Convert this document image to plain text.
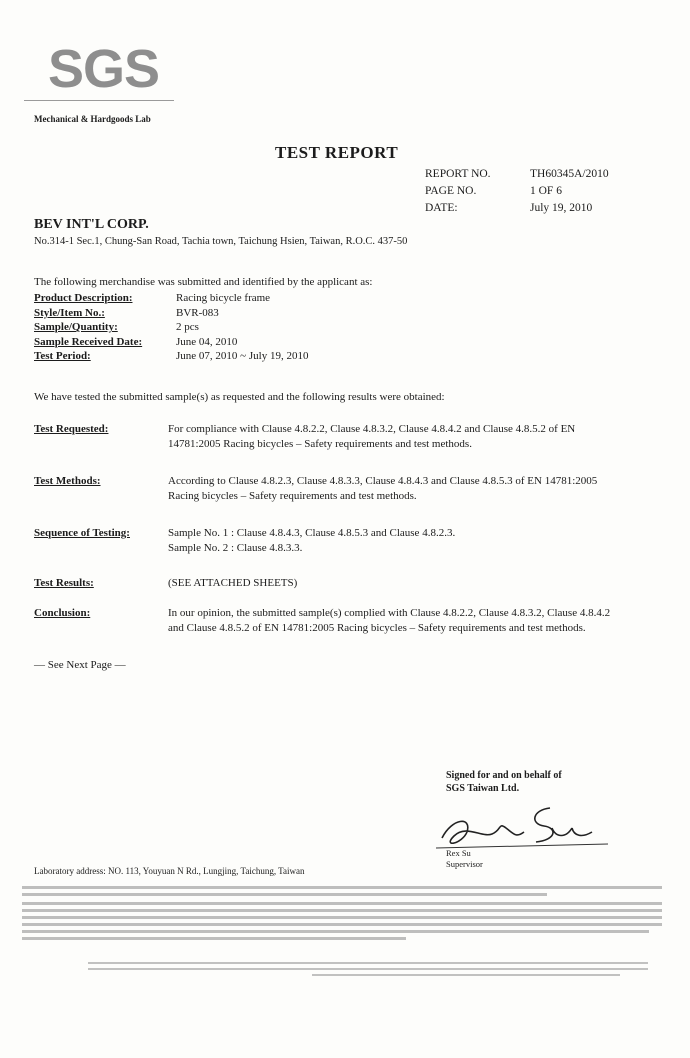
SGS
Mechanical & Hardgoods Lab
TEST REPORT
REPORT NO.	TH60345A/2010
PAGE NO.	1 OF 6
DATE:	July 19, 2010
BEV INT'L CORP.
No.314-1 Sec.1, Chung-San Road, Tachia town, Taichung Hsien, Taiwan, R.O.C. 437-50
The following merchandise was submitted and identified by the applicant as:
Product Description:	Racing bicycle frame
Style/Item No.:	BVR-083
Sample/Quantity:	2 pcs
Sample Received Date:	June 04, 2010
Test Period:	June 07, 2010 ~ July 19, 2010
We have tested the submitted sample(s) as requested and the following results were obtained:
Test Requested:	For compliance with Clause 4.8.2.2, Clause 4.8.3.2, Clause 4.8.4.2 and Clause 4.8.5.2 of EN 14781:2005 Racing bicycles – Safety requirements and test methods.
Test Methods:	According to Clause 4.8.2.3, Clause 4.8.3.3, Clause 4.8.4.3 and Clause 4.8.5.3 of EN 14781:2005 Racing bicycles – Safety requirements and test methods.
Sequence of Testing:	Sample No. 1 : Clause 4.8.4.3, Clause 4.8.5.3 and Clause 4.8.2.3.
Sample No. 2 : Clause 4.8.3.3.
Test Results:	(SEE ATTACHED SHEETS)
Conclusion:	In our opinion, the submitted sample(s) complied with Clause 4.8.2.2, Clause 4.8.3.2, Clause 4.8.4.2 and Clause 4.8.5.2 of EN 14781:2005 Racing bicycles – Safety requirements and test methods.
— See Next Page —
Signed for and on behalf of
SGS Taiwan Ltd.
Rex Su
Supervisor
Laboratory address: NO. 113, Youyuan N Rd., Lungjing, Taichung, Taiwan
